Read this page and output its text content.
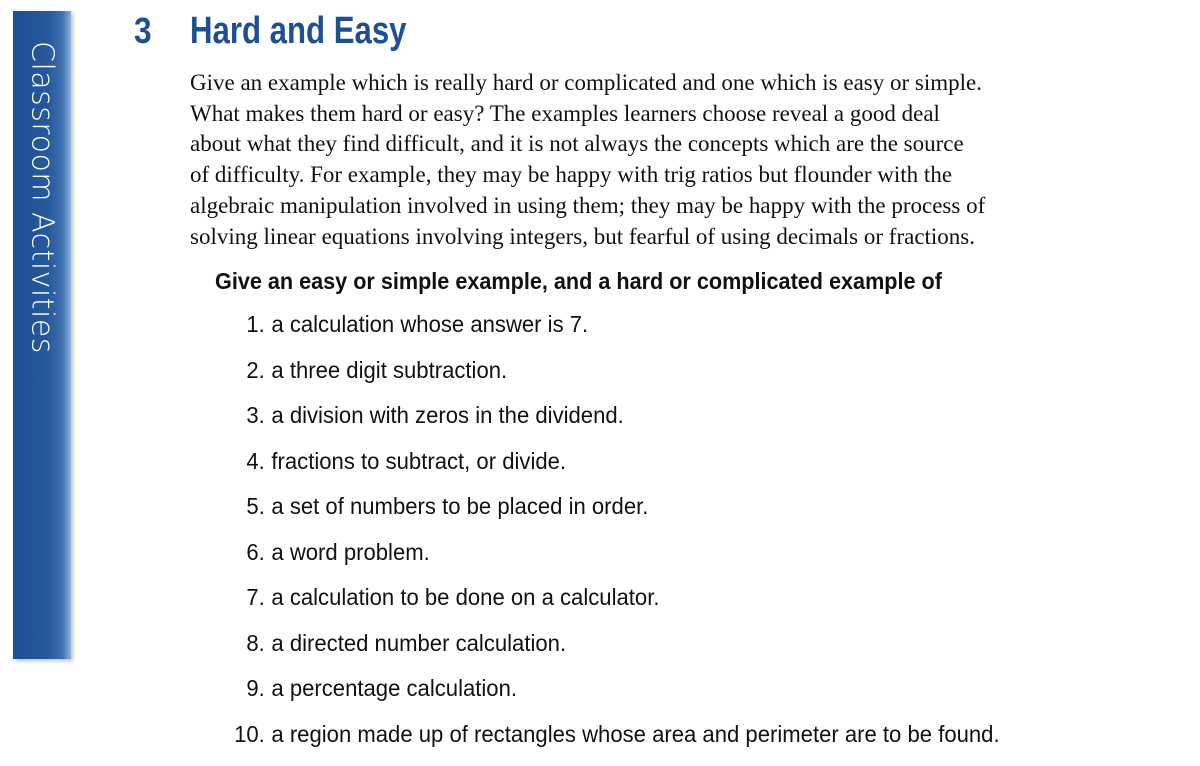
Classroom Activities
3 Hard and Easy
Give an example which is really hard or complicated and one which is easy or simple.
What makes them hard or easy? The examples learners choose reveal a good deal
about what they find difficult, and it is not always the concepts which are the source
of difficulty. For example, they may be happy with trig ratios but flounder with the
algebraic manipulation involved in using them; they may be happy with the process of
solving linear equations involving integers, but fearful of using decimals or fractions.
Give an easy or simple example, and a hard or complicated example of
1. a calculation whose answer is 7.
2. a three digit subtraction.
3. a division with zeros in the dividend.
4. fractions to subtract, or divide.
5. a set of numbers to be placed in order.
6. a word problem.
7. a calculation to be done on a calculator.
8. a directed number calculation.
9. a percentage calculation.
10. a region made up of rectangles whose area and perimeter are to be found.
